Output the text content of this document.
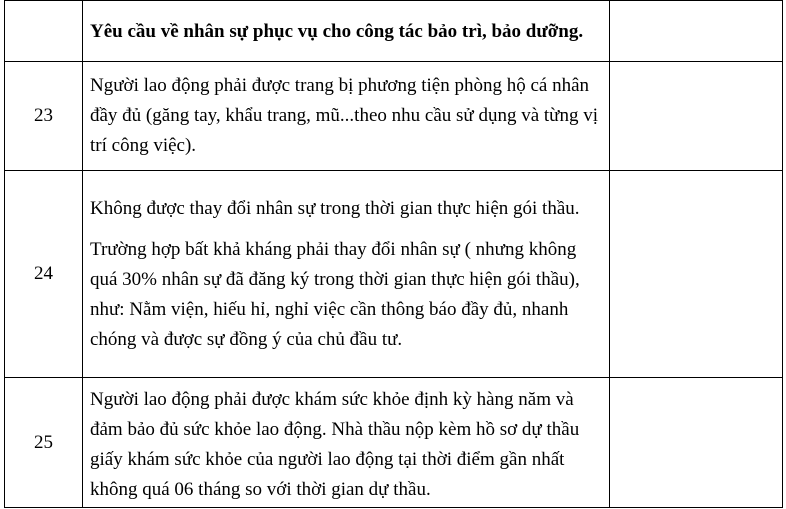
	Yêu cầu về nhân sự phục vụ cho công tác bảo trì, bảo dưỡng.	

23	Người lao động phải được trang bị phương tiện phòng hộ cá nhân đầy đủ (găng tay, khẩu trang, mũ...theo nhu cầu sử dụng và từng vị trí công việc).	

24	Không được thay đổi nhân sự trong thời gian thực hiện gói thầu.

Trường hợp bất khả kháng phải thay đổi nhân sự ( nhưng không quá 30% nhân sự đã đăng ký trong thời gian thực hiện gói thầu), như: Nằm viện, hiếu hỉ, nghỉ việc cần thông báo đầy đủ, nhanh chóng và được sự đồng ý của chủ đầu tư.	

25	Người lao động phải được khám sức khỏe định kỳ hàng năm và đảm bảo đủ sức khỏe lao động. Nhà thầu nộp kèm hồ sơ dự thầu giấy khám sức khỏe của người lao động tại thời điểm gần nhất không quá 06 tháng so với thời gian dự thầu.	
